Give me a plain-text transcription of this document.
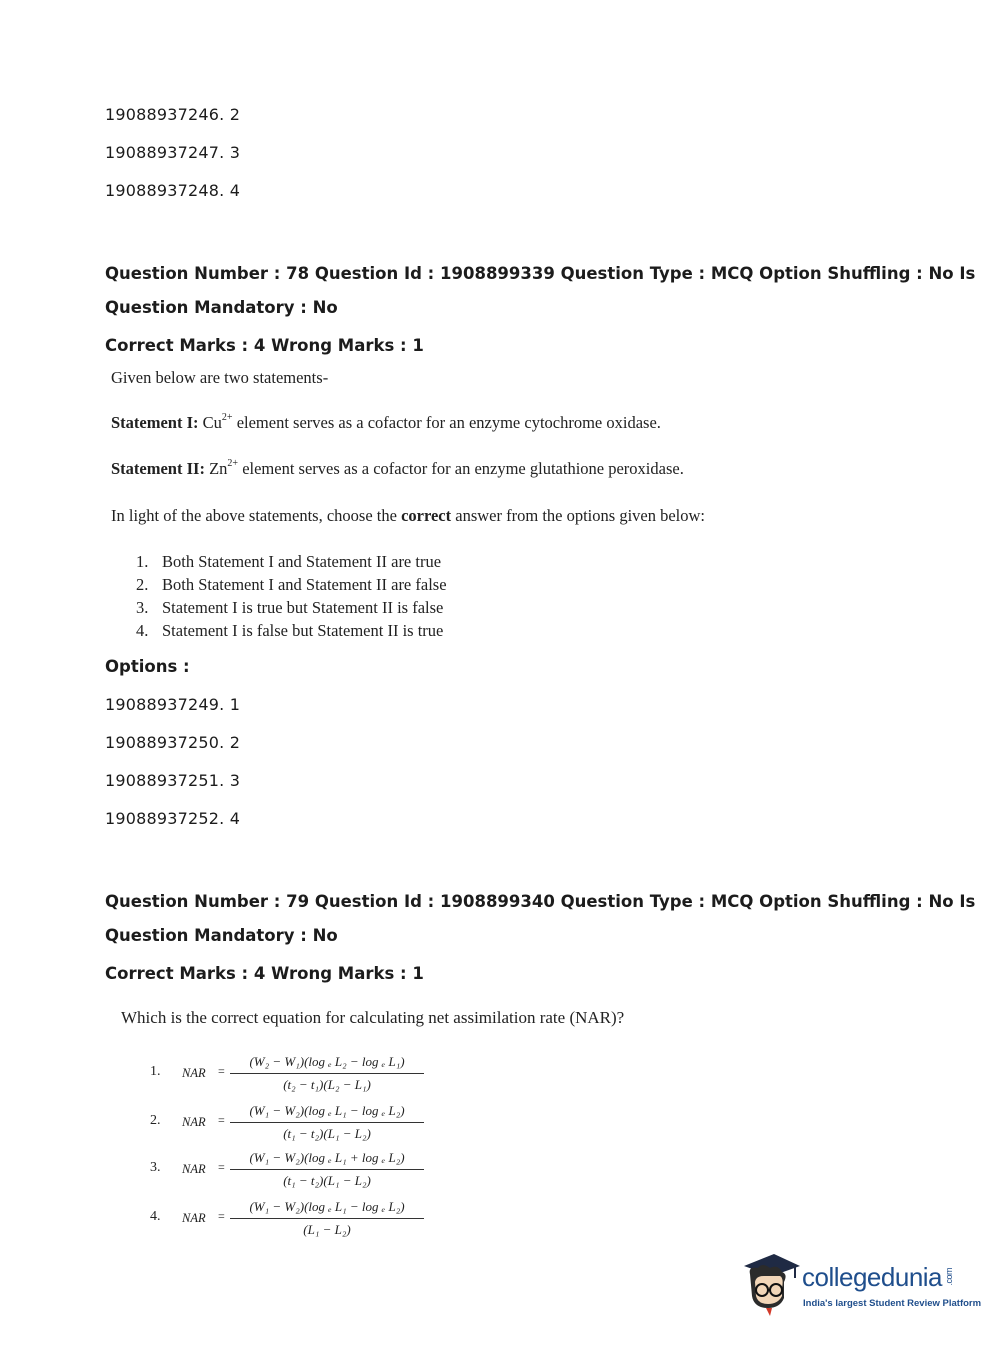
19088937246. 2
19088937247. 3
19088937248. 4
Question Number : 78 Question Id : 1908899339 Question Type : MCQ Option Shuffling : No Is
Question Mandatory : No
Correct Marks : 4 Wrong Marks : 1
Given below are two statements-
Statement I: $Cu^{2+}$ element serves as a cofactor for an enzyme cytochrome oxidase.
Statement II: $Zn^{2+}$ element serves as a cofactor for an enzyme glutathione peroxidase.
In light of the above statements, choose the correct answer from the options given below:
1. Both Statement I and Statement II are true
2. Both Statement I and Statement II are false
3. Statement I is true but Statement II is false
4. Statement I is false but Statement II is true
Options :
19088937249. 1
19088937250. 2
19088937251. 3
19088937252. 4
Question Number : 79 Question Id : 1908899340 Question Type : MCQ Option Shuffling : No Is
Question Mandatory : No
Correct Marks : 4 Wrong Marks : 1
Which is the correct equation for calculating net assimilation rate (NAR)?
1. NAR = $\frac{\text{(W₂ − W₁)(log ₑ L₂ − log ₑ L₁)}}{\text{(t₂ − t₁)(L₂ − L₁)}}$
2. NAR = $\frac{\text{(W₁ − W₂)(log ₑ L₁ − log ₑ L₂)}}{\text{(t₁ − t₂)(L₁ − L₂)}}$
3. NAR = $\frac{\text{(W₁ − W₂)(log ₑ L₁ + log ₑ L₂)}}{\text{(t₁ − t₂)(L₁ − L₂)}}$
4. NAR = $\frac{\text{(W₁ − W₂)(log ₑ L₁ − log ₑ L₂)}}{\text{(L₁ − L₂)}}$
collegedunia .com
India's largest Student Review Platform
